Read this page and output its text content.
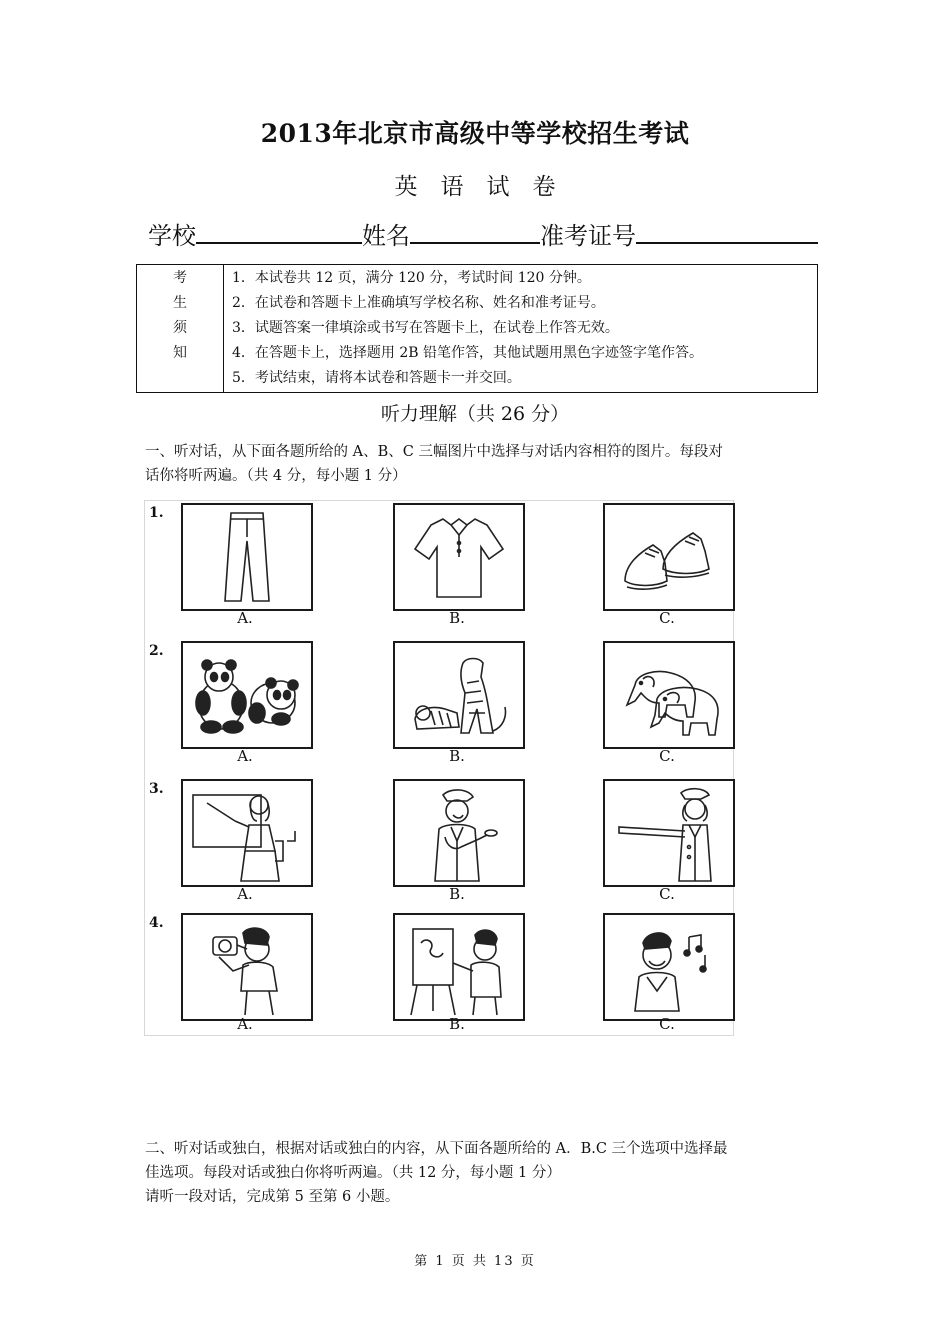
2013年北京市高级中等学校招生考试
英　语　试　卷
学校	姓名	准考证号
考
生
须
知

1．本试卷共 12 页，满分 120 分，考试时间 120 分钟。
2．在试卷和答题卡上准确填写学校名称、姓名和准考证号。
3．试题答案一律填涂或书写在答题卡上，在试卷上作答无效。
4．在答题卡上，选择题用 2B 铅笔作答，其他试题用黑色字迹签字笔作答。
5．考试结束，请将本试卷和答题卡一并交回。
听力理解（共 26 分）
一、听对话，从下面各题所给的 A、B、C 三幅图片中选择与对话内容相符的图片。每段对
话你将听两遍。（共 4 分，每小题 1 分）
1.
A.	B.	C.
2.
A.	B.	C.
3.
A.	B.	C.
4.
A.	B.	C.
二、听对话或独白，根据对话或独白的内容，从下面各题所给的 A．B.C 三个选项中选择最
佳选项。每段对话或独白你将听两遍。（共 12 分，每小题 1 分）
请听一段对话，完成第 5 至第 6 小题。
第 1 页 共 13 页
